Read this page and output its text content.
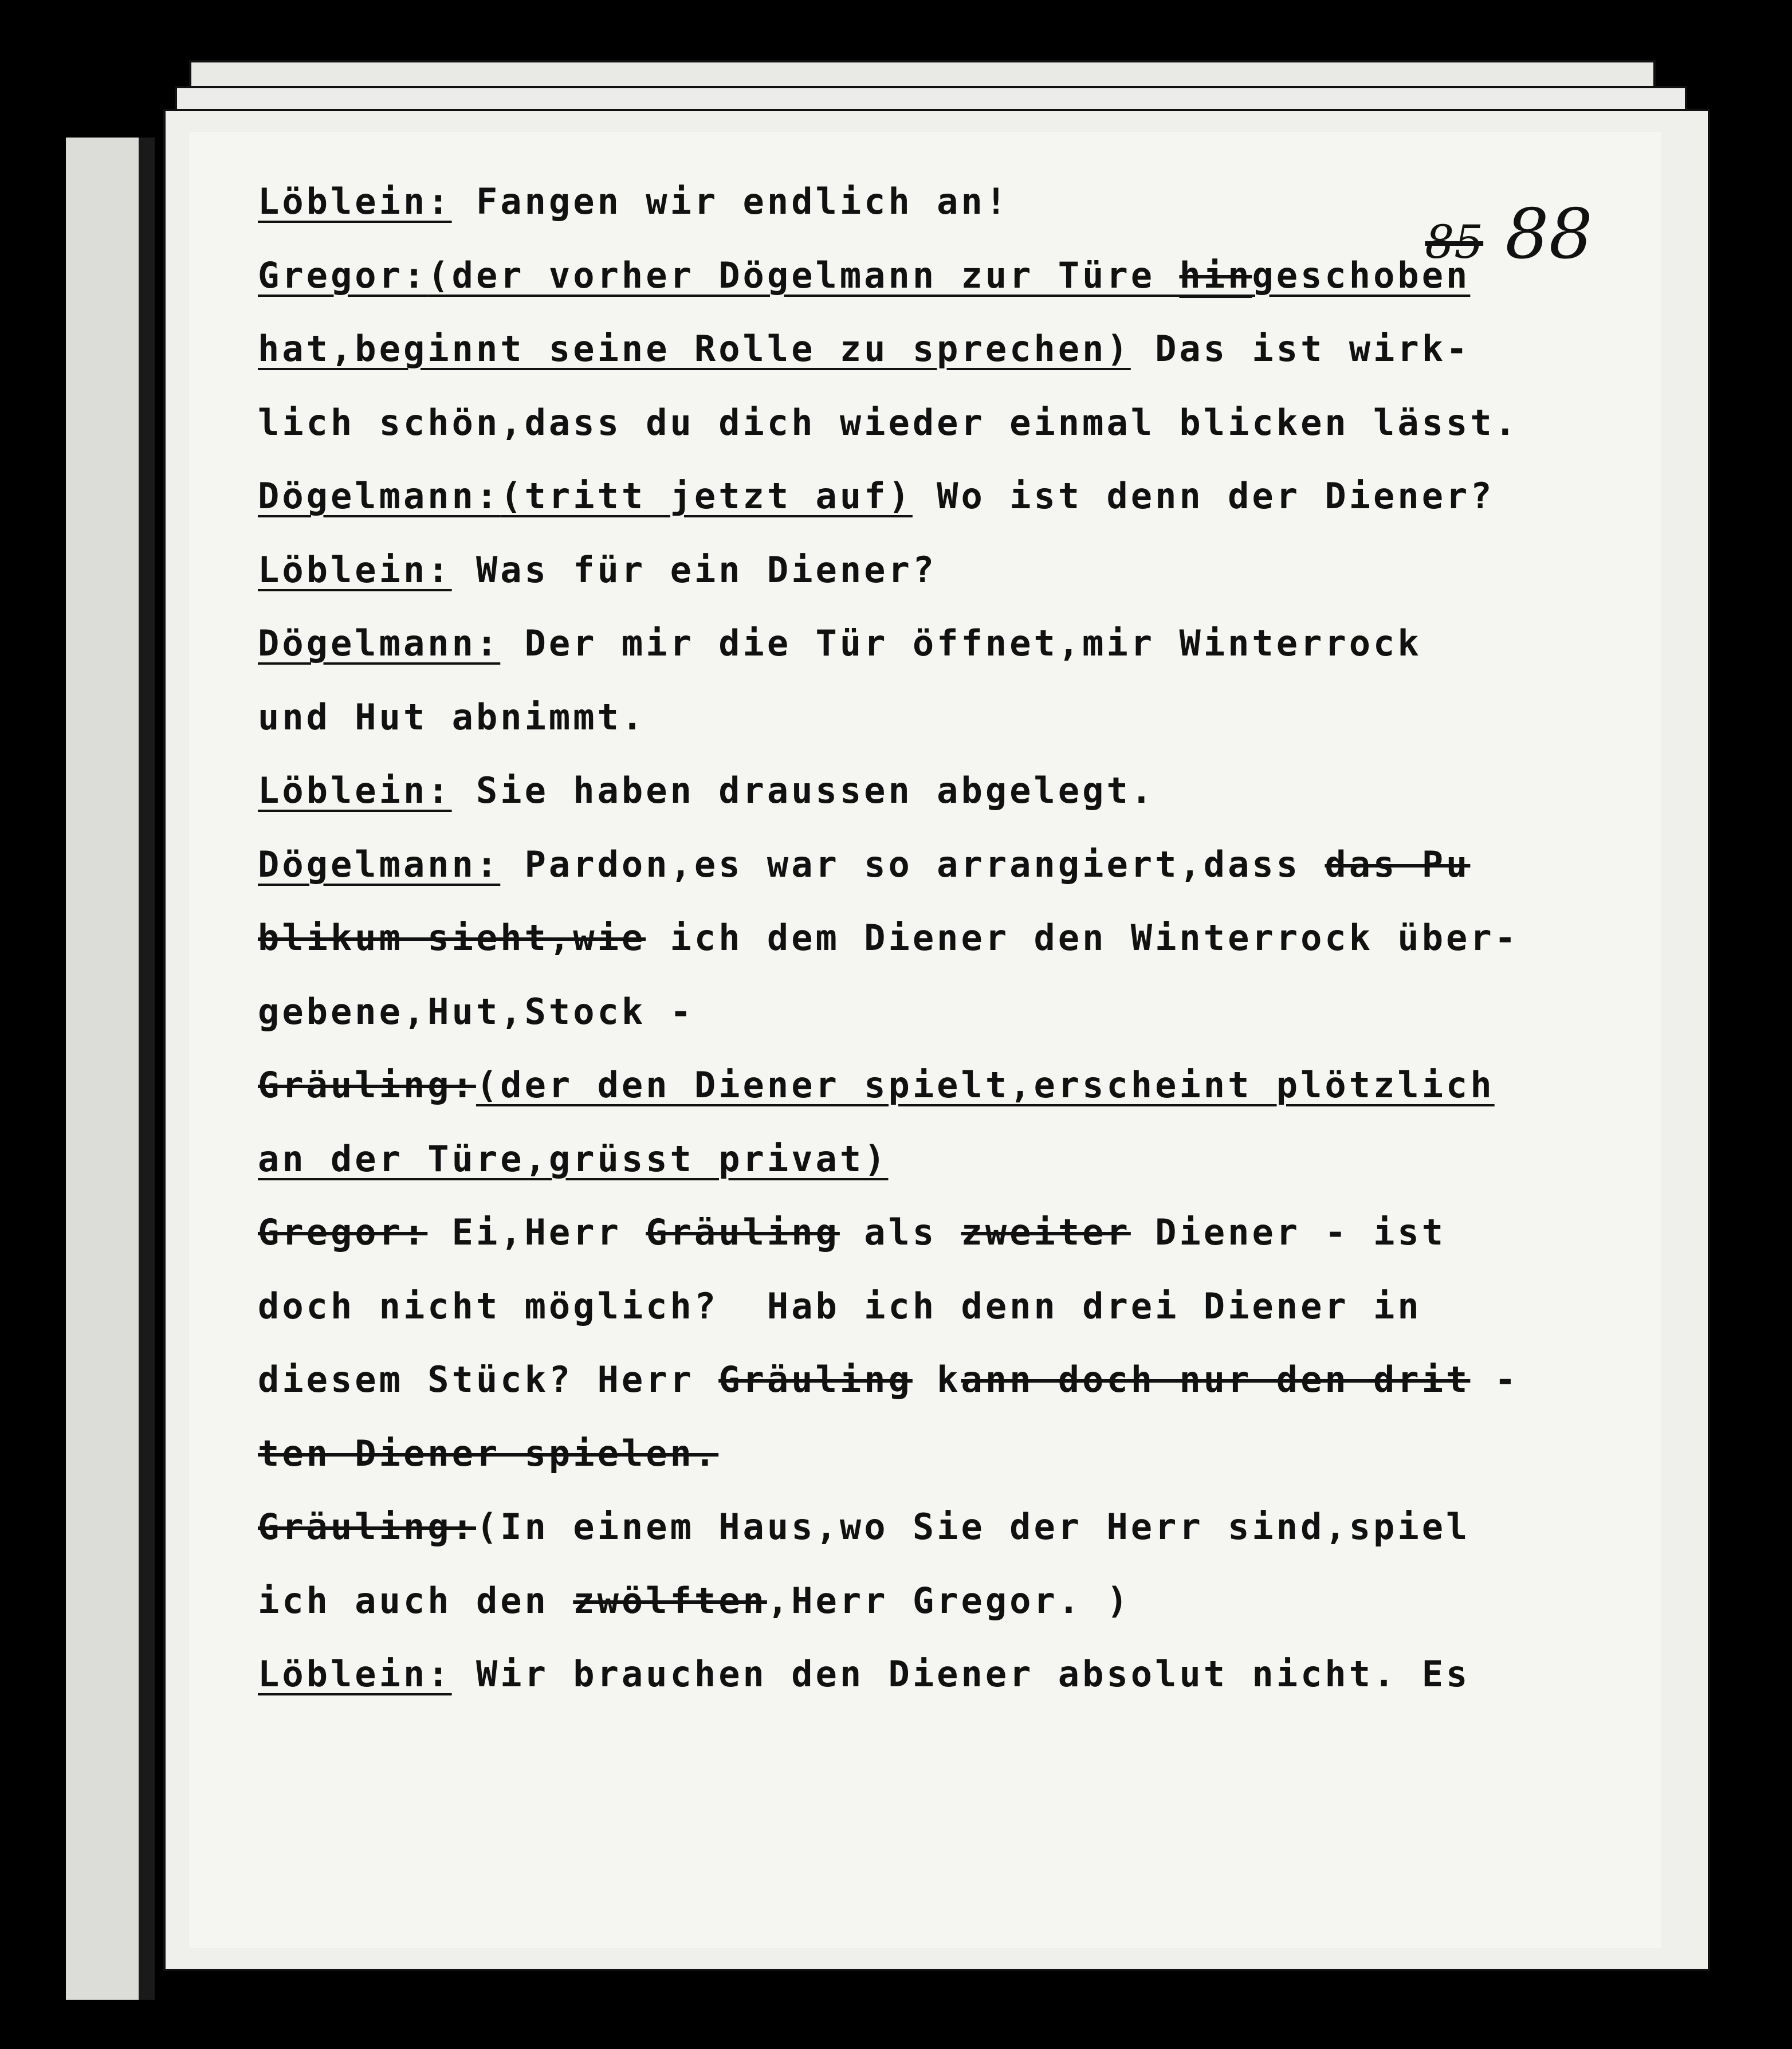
85 88
Löblein: Fangen wir endlich an!
Gregor:(der vorher Dögelmann zur Türe hingeschoben
hat,beginnt seine Rolle zu sprechen) Das ist wirk-
lich schön,dass du dich wieder einmal blicken lässt.
Dögelmann:(tritt jetzt auf) Wo ist denn der Diener?
Löblein: Was für ein Diener?
Dögelmann: Der mir die Tür öffnet,mir Winterrock
und Hut abnimmt.
Löblein: Sie haben draussen abgelegt.
Dögelmann: Pardon,es war so arrangiert,dass das Pu
blikum sieht,wie ich dem Diener den Winterrock über-
gebene,Hut,Stock -
Gräuling:(der den Diener spielt,erscheint plötzlich
an der Türe,grüsst privat)
Gregor: Ei,Herr Gräuling als zweiter Diener - ist
doch nicht möglich?  Hab ich denn drei Diener in
diesem Stück? Herr Gräuling kann doch nur den drit -
ten Diener spielen.
Gräuling:(In einem Haus,wo Sie der Herr sind,spiel
ich auch den zwölften,Herr Gregor. )
Löblein: Wir brauchen den Diener absolut nicht. Es
